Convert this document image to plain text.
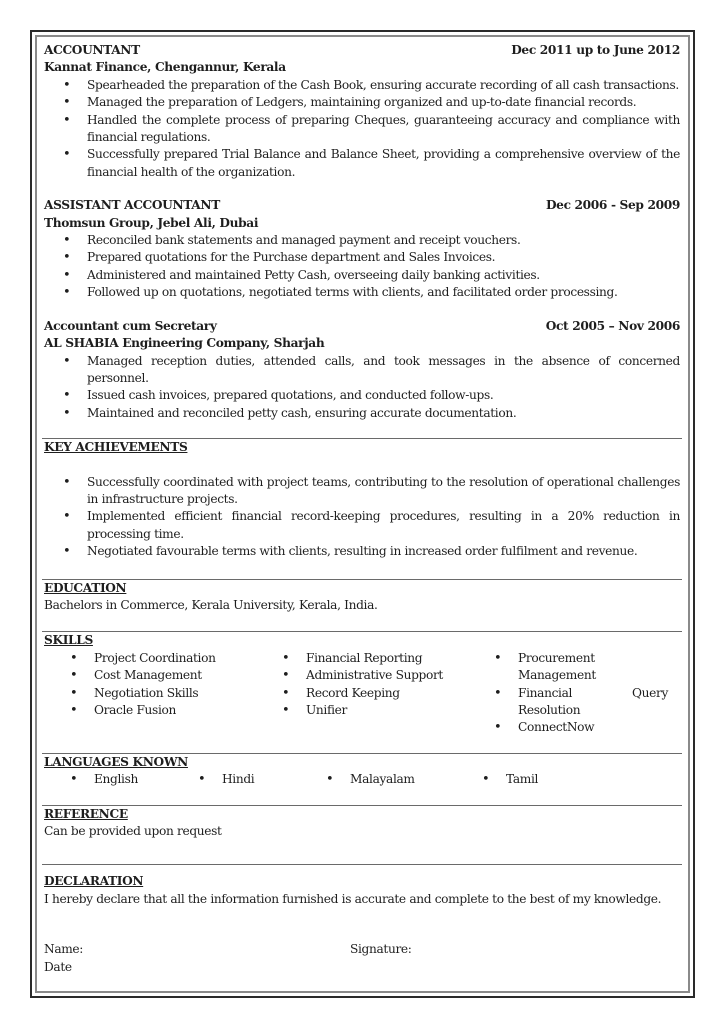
ACCOUNTANT	Dec 2011 up to June 2012
Kannat Finance, Chengannur, Kerala
• Spearheaded the preparation of the Cash Book, ensuring accurate recording of all cash transactions.
• Managed the preparation of Ledgers, maintaining organized and up-to-date financial records.
• Handled the complete process of preparing Cheques, guaranteeing accuracy and compliance with financial regulations.
• Successfully prepared Trial Balance and Balance Sheet, providing a comprehensive overview of the financial health of the organization.
ASSISTANT ACCOUNTANT	Dec 2006 - Sep 2009
Thomsun Group, Jebel Ali, Dubai
• Reconciled bank statements and managed payment and receipt vouchers.
• Prepared quotations for the Purchase department and Sales Invoices.
• Administered and maintained Petty Cash, overseeing daily banking activities.
• Followed up on quotations, negotiated terms with clients, and facilitated order processing.
Accountant cum Secretary	Oct 2005 – Nov 2006
AL SHABIA Engineering Company, Sharjah
• Managed reception duties, attended calls, and took messages in the absence of concerned personnel.
• Issued cash invoices, prepared quotations, and conducted follow-ups.
• Maintained and reconciled petty cash, ensuring accurate documentation.
KEY ACHIEVEMENTS
• Successfully coordinated with project teams, contributing to the resolution of operational challenges in infrastructure projects.
• Implemented efficient financial record-keeping procedures, resulting in a 20% reduction in processing time.
• Negotiated favourable terms with clients, resulting in increased order fulfilment and revenue.
EDUCATION
Bachelors in Commerce, Kerala University, Kerala, India.
SKILLS
• Project Coordination
• Cost Management
• Negotiation Skills
• Oracle Fusion
• Financial Reporting
• Administrative Support
• Record Keeping
• Unifier
• Procurement Management
• Financial Query Resolution
• ConnectNow
LANGUAGES KNOWN
• English	• Hindi	• Malayalam	• Tamil
REFERENCE
Can be provided upon request
DECLARATION
I hereby declare that all the information furnished is accurate and complete to the best of my knowledge.
Name:	Signature:
Date
